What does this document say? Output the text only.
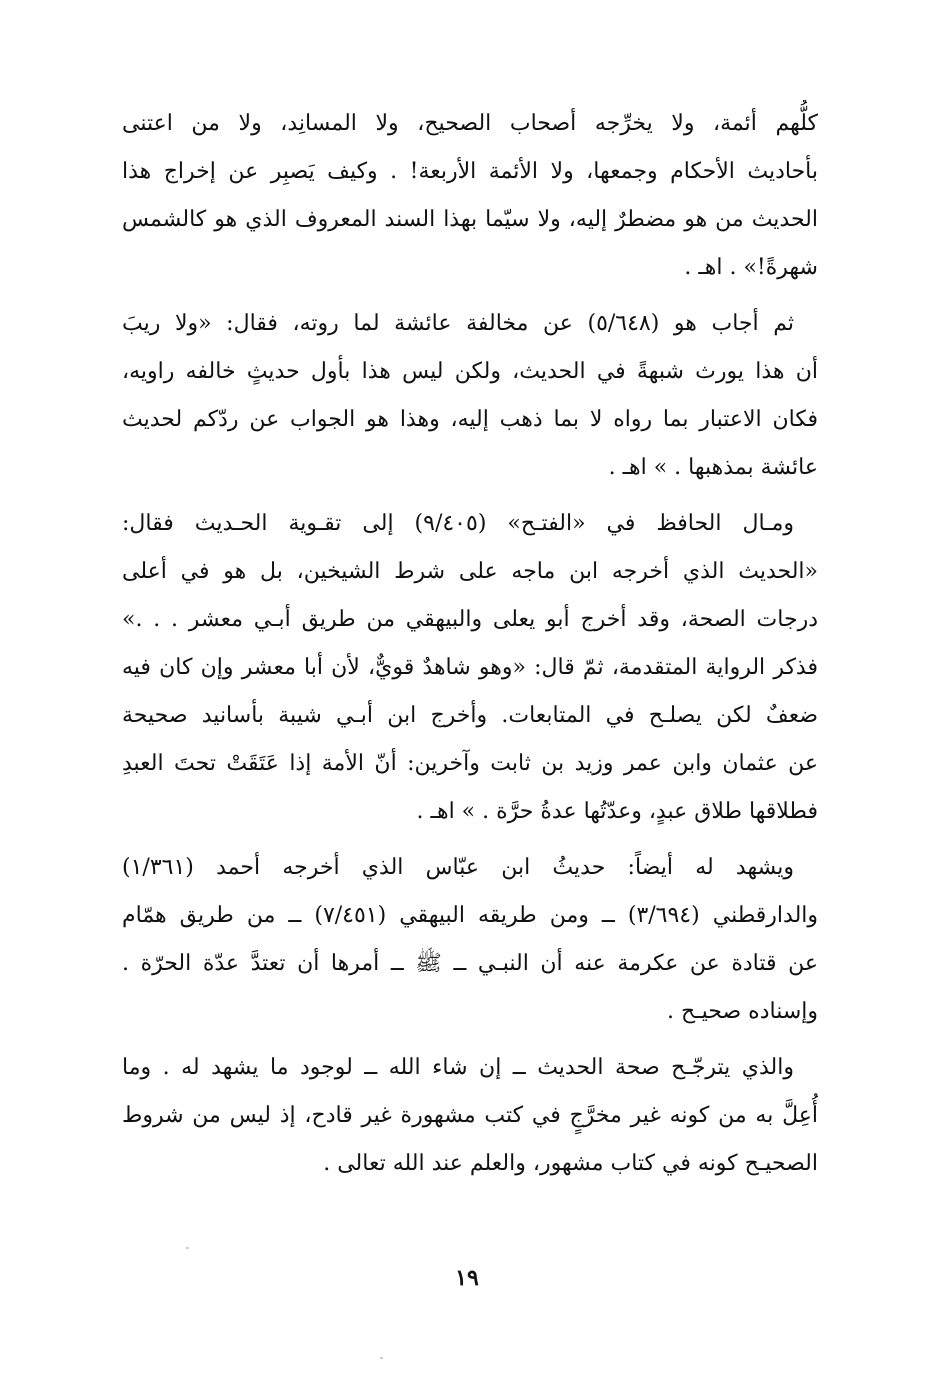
كلُّهم أئمة، ولا يخرِّجه أصحاب الصحيح، ولا المسانِد، ولا من اعتنى
بأحاديث الأحكام وجمعها، ولا الأئمة الأربعة! . وكيف يَصبِر عن إخراج هذا
الحديث من هو مضطرٌ إليه، ولا سيّما بهذا السند المعروف الذي هو كالشمس
شهرةً!» . اهـ .
ثم أجاب هو (٥/٦٤٨) عن مخالفة عائشة لما روته، فقال: «ولا ريبَ
أن هذا يورث شبهةً في الحديث، ولكن ليس هذا بأول حديثٍ خالفه راويه،
فكان الاعتبار بما رواه لا بما ذهب إليه، وهذا هو الجواب عن ردّكم لحديث
عائشة بمذهبها . » اهـ .
ومـال الحافظ في «الفتـح» (٩/٤٠٥) إلى تقـوية الحـديث فقال:
«الحديث الذي أخرجه ابن ماجه على شرط الشيخين، بل هو في أعلى
درجات الصحة، وقد أخرج أبو يعلى والبيهقي من طريق أبـي معشر . . .»
فذكر الرواية المتقدمة، ثمّ قال: «وهو شاهدٌ قويٌّ، لأن أبا معشر وإن كان فيه
ضعفٌ لكن يصلـح في المتابعات. وأخرج ابن أبـي شيبة بأسانيد صحيحة
عن عثمان وابن عمر وزيد بن ثابت وآخرين: أنّ الأمة إذا عَتَقَتْ تحتَ العبدِ
فطلاقها طلاق عبدٍ، وعدّتُها عدةُ حرَّة . » اهـ .
ويشهد له أيضاً: حديثُ ابن عبّاس الذي أخرجه أحمد (١/٣٦١)
والدارقطني (٣/٦٩٤) ــ ومن طريقه البيهقي (٧/٤٥١) ــ من طريق همّام
عن قتادة عن عكرمة عنه أن النبـي ــ ﷺ ــ أمرها أن تعتدَّ عدّة الحرّة .
وإسناده صحيـح .
والذي يترجّـح صحة الحديث ــ إن شاء الله ــ لوجود ما يشهد له . وما
أُعِلَّ به من كونه غير مخرَّجٍ في كتب مشهورة غير قادح، إذ ليس من شروط
الصحيـح كونه في كتاب مشهور، والعلم عند الله تعالى .
١٩
